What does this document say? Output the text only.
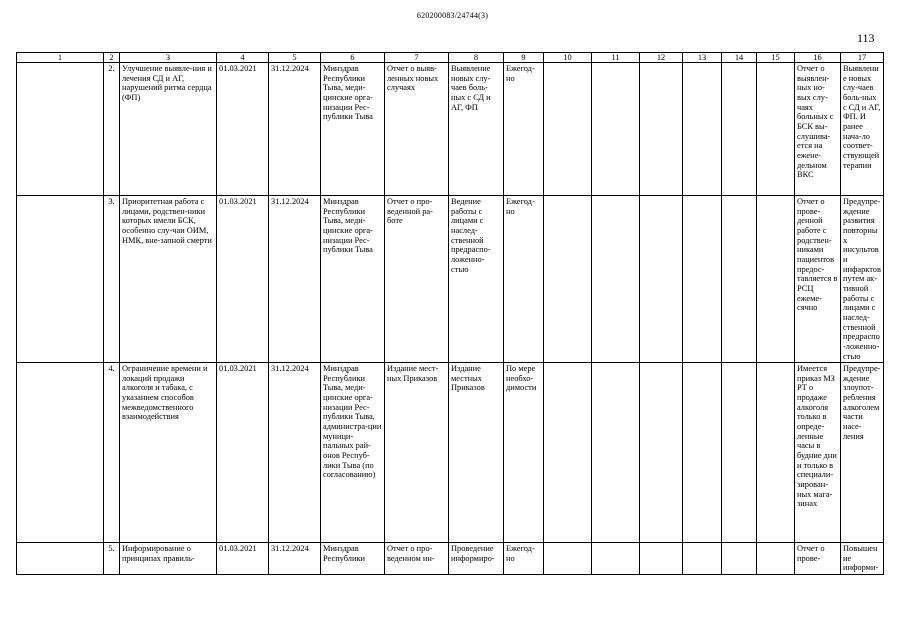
620200083/24744(3)
113
1	2	3	4	5	6	7	8	9	10	11	12	13	14	15	16	17
	2.	Улучшение выявле-ния и лечения СД и АГ, нарушений ритма сердца (ФП)	01.03.2021	31.12.2024	Минздрав Республики Тыва, меди-цинские орга-низации Рес-публики Тыва	Отчет о выяв-ленных новых случаях	Выявление новых слу-чаев боль-ных с СД и АГ, ФП	Ежегод-но							Отчет о выявлен-ных но-вых слу-чаях больных с БСК вы-слушива-ется на ежене-дельном ВКС	Выявление новых слу-чаев боль-ных с СД и АГ, ФП. И ранее нача-ло соответ-ствующей терапии
	3.	Приоритетная работа с лицами, родствен-ники которых имели БСК, особенно слу-чаи ОИМ, НМК, вне-запной смерти	01.03.2021	31.12.2024	Минздрав Республики Тыва, меди-цинские орга-низации Рес-публики Тыва	Отчет о про-веденной ра-боте	Ведение работы с лицами с наслед-ственной предраспо-ложенно-стью	Ежегод-но							Отчет о прове-денной работе с родствен-никами пациентов предос-тавляется в РСЦ ежеме-сячно	Предупре-ждение развития повторных инсультов и инфарктов путем ак-тивной работы с лицами с наслед-ственной предраспо-ложенно-стью
	4.	Ограничение времени и локаций продажи алкоголя и табака, с указанием способов межведомственного взаимодействия	01.03.2021	31.12.2024	Минздрав Республики Тыва, меди-цинские орга-низации Рес-публики Тыва, администра-ции муници-пальных рай-онов Респуб-лики Тыва (по согласованию)	Издание мест-ных Приказов	Издание местных Приказов	По мере необхо-димости							Имеется приказ МЗ РТ о продаже алкоголя только в опреде-ленные часы в будние дни и только в специали-зирован-ных мага-зинах	Предупре-ждение злоупот-ребления алкоголем части насе-ления
	5.	Информирование о принципах правиль-	01.03.2021	31.12.2024	Минздрав Республики	Отчет о про-веденном ин-	Проведение информиро-	Ежегод-но							Отчет о прове-	Повышение информи-
